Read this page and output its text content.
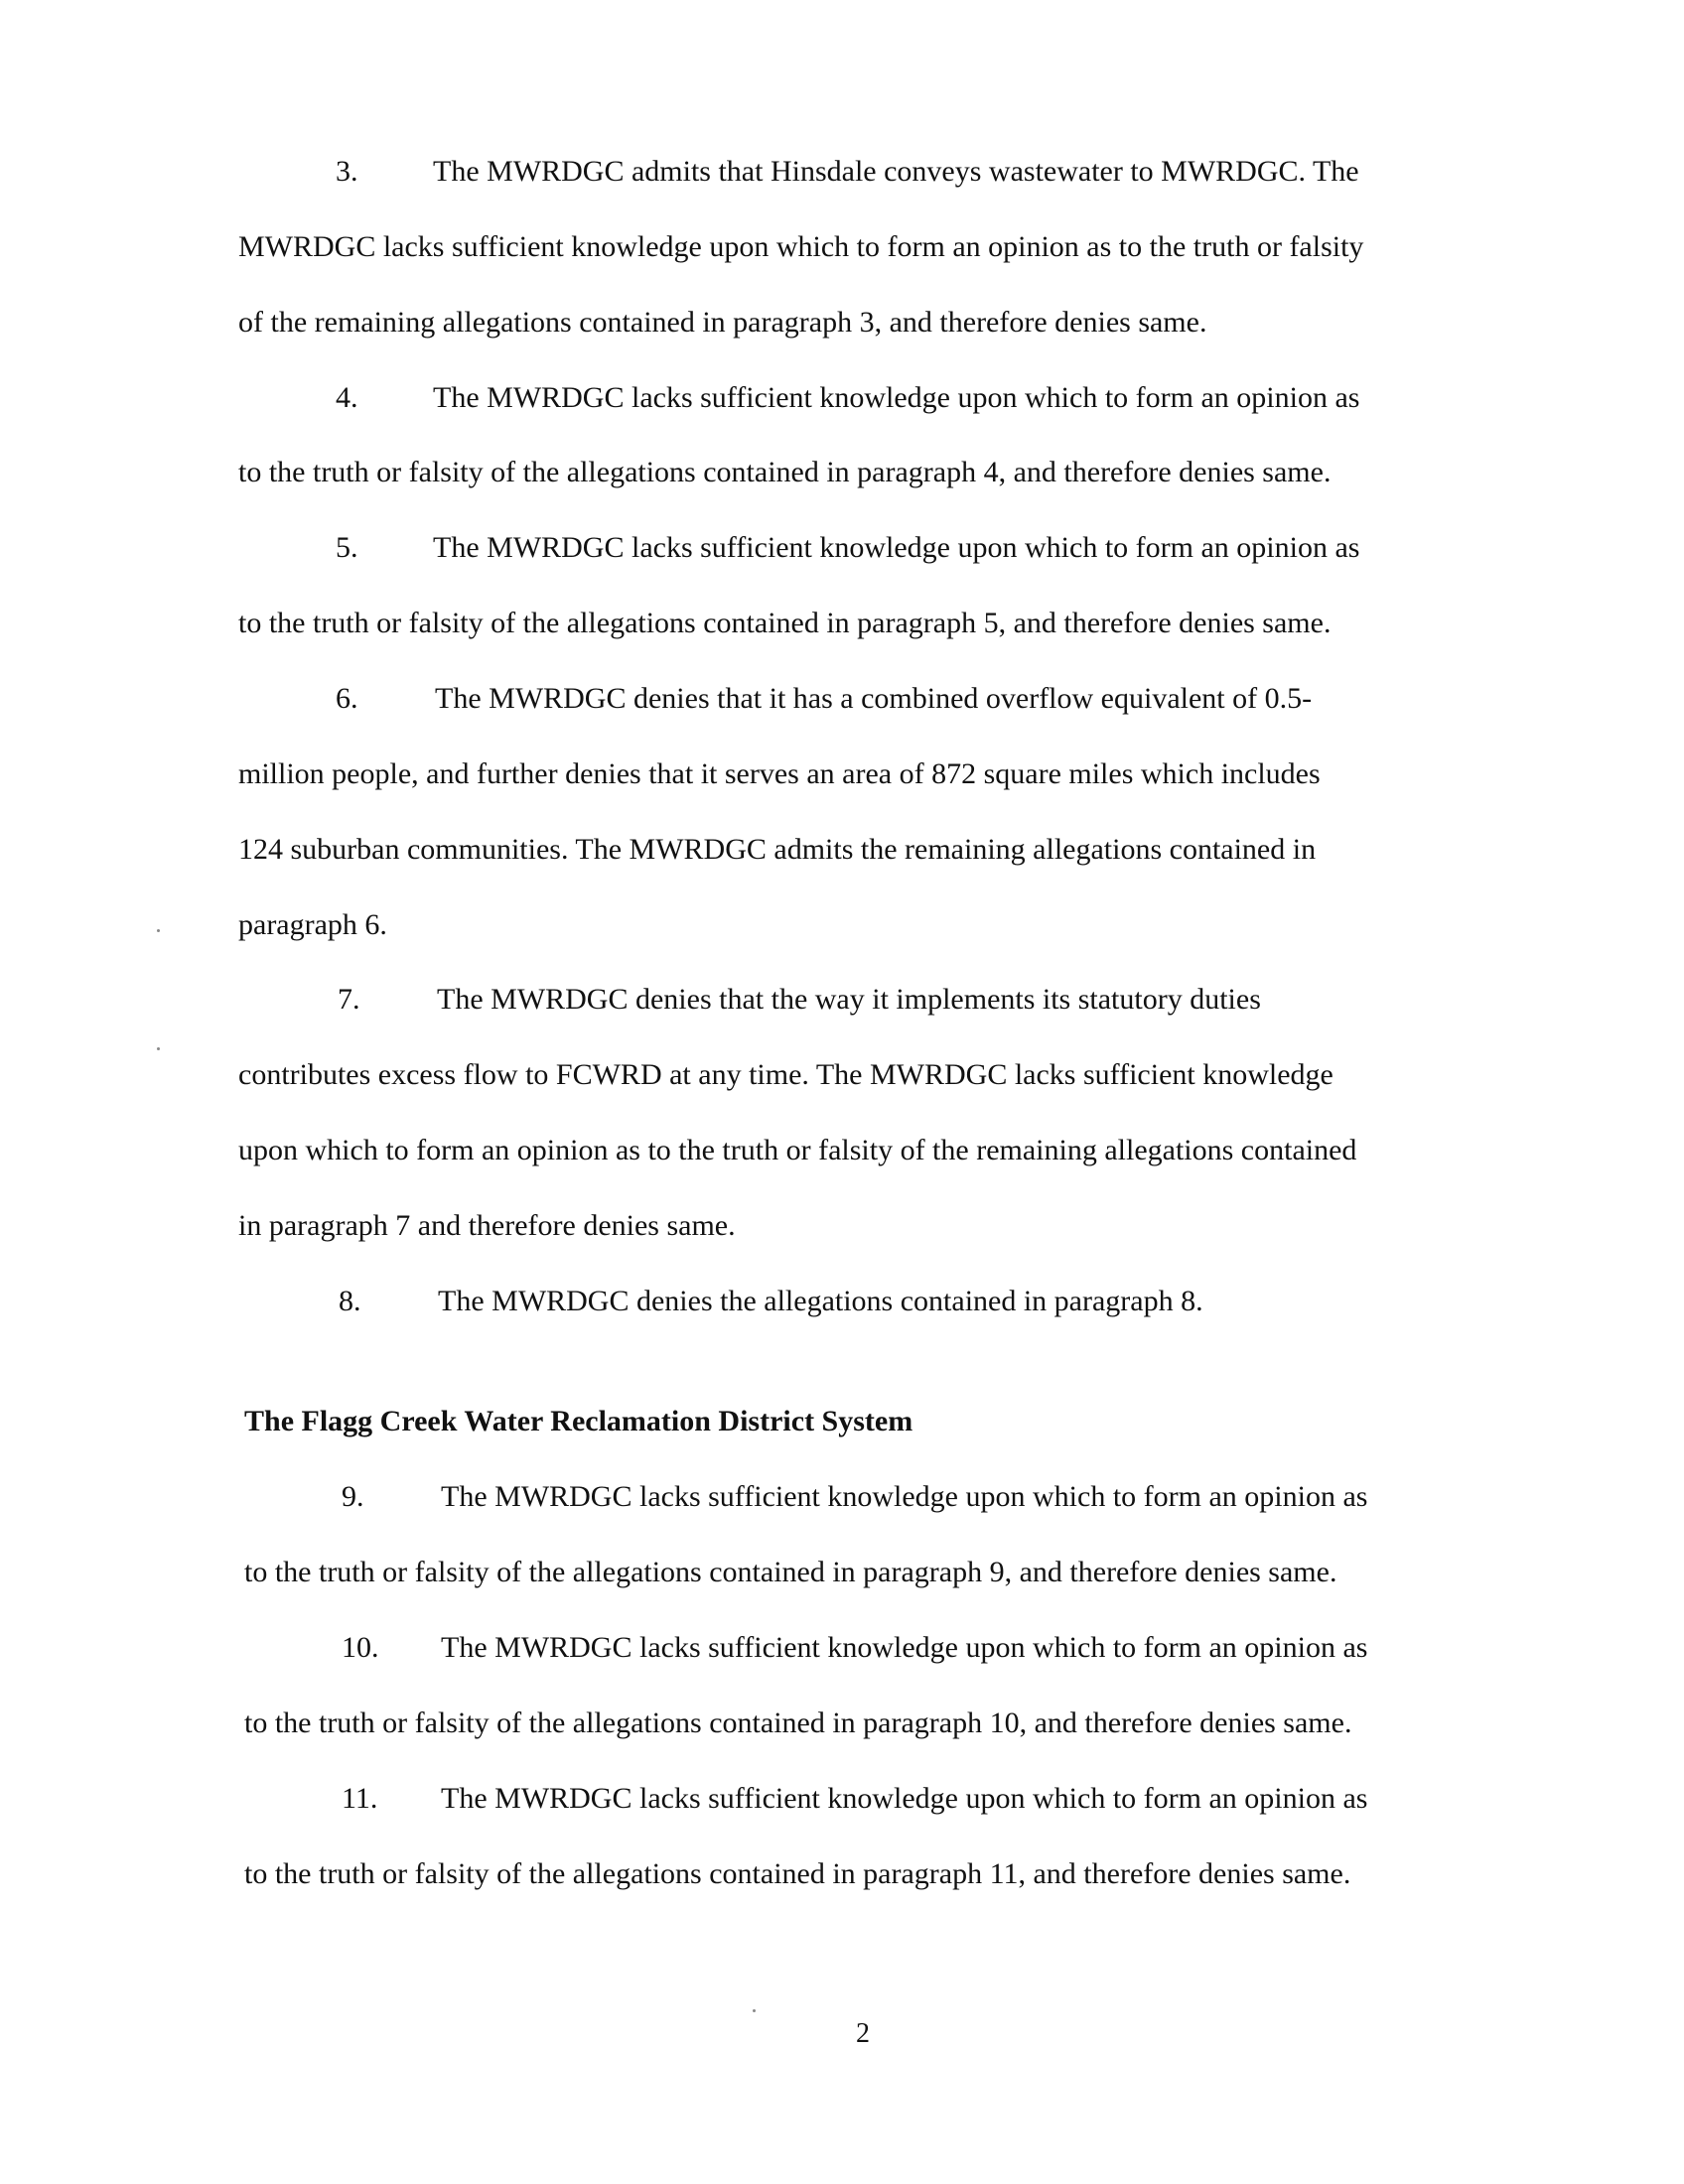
3.	The MWRDGC admits that Hinsdale conveys wastewater to MWRDGC. The
MWRDGC lacks sufficient knowledge upon which to form an opinion as to the truth or falsity
of the remaining allegations contained in paragraph 3, and therefore denies same.
4.	The MWRDGC lacks sufficient knowledge upon which to form an opinion as
to the truth or falsity of the allegations contained in paragraph 4, and therefore denies same.
5.	The MWRDGC lacks sufficient knowledge upon which to form an opinion as
to the truth or falsity of the allegations contained in paragraph 5, and therefore denies same.
6.	The MWRDGC denies that it has a combined overflow equivalent of 0.5-
million people, and further denies that it serves an area of 872 square miles which includes
124 suburban communities. The MWRDGC admits the remaining allegations contained in
paragraph 6.
7.	The MWRDGC denies that the way it implements its statutory duties
contributes excess flow to FCWRD at any time. The MWRDGC lacks sufficient knowledge
upon which to form an opinion as to the truth or falsity of the remaining allegations contained
in paragraph 7 and therefore denies same.
8.	The MWRDGC denies the allegations contained in paragraph 8.
The Flagg Creek Water Reclamation District System
9.	The MWRDGC lacks sufficient knowledge upon which to form an opinion as
to the truth or falsity of the allegations contained in paragraph 9, and therefore denies same.
10. The MWRDGC lacks sufficient knowledge upon which to form an opinion as
to the truth or falsity of the allegations contained in paragraph 10, and therefore denies same.
11. The MWRDGC lacks sufficient knowledge upon which to form an opinion as
to the truth or falsity of the allegations contained in paragraph 11, and therefore denies same.
2
